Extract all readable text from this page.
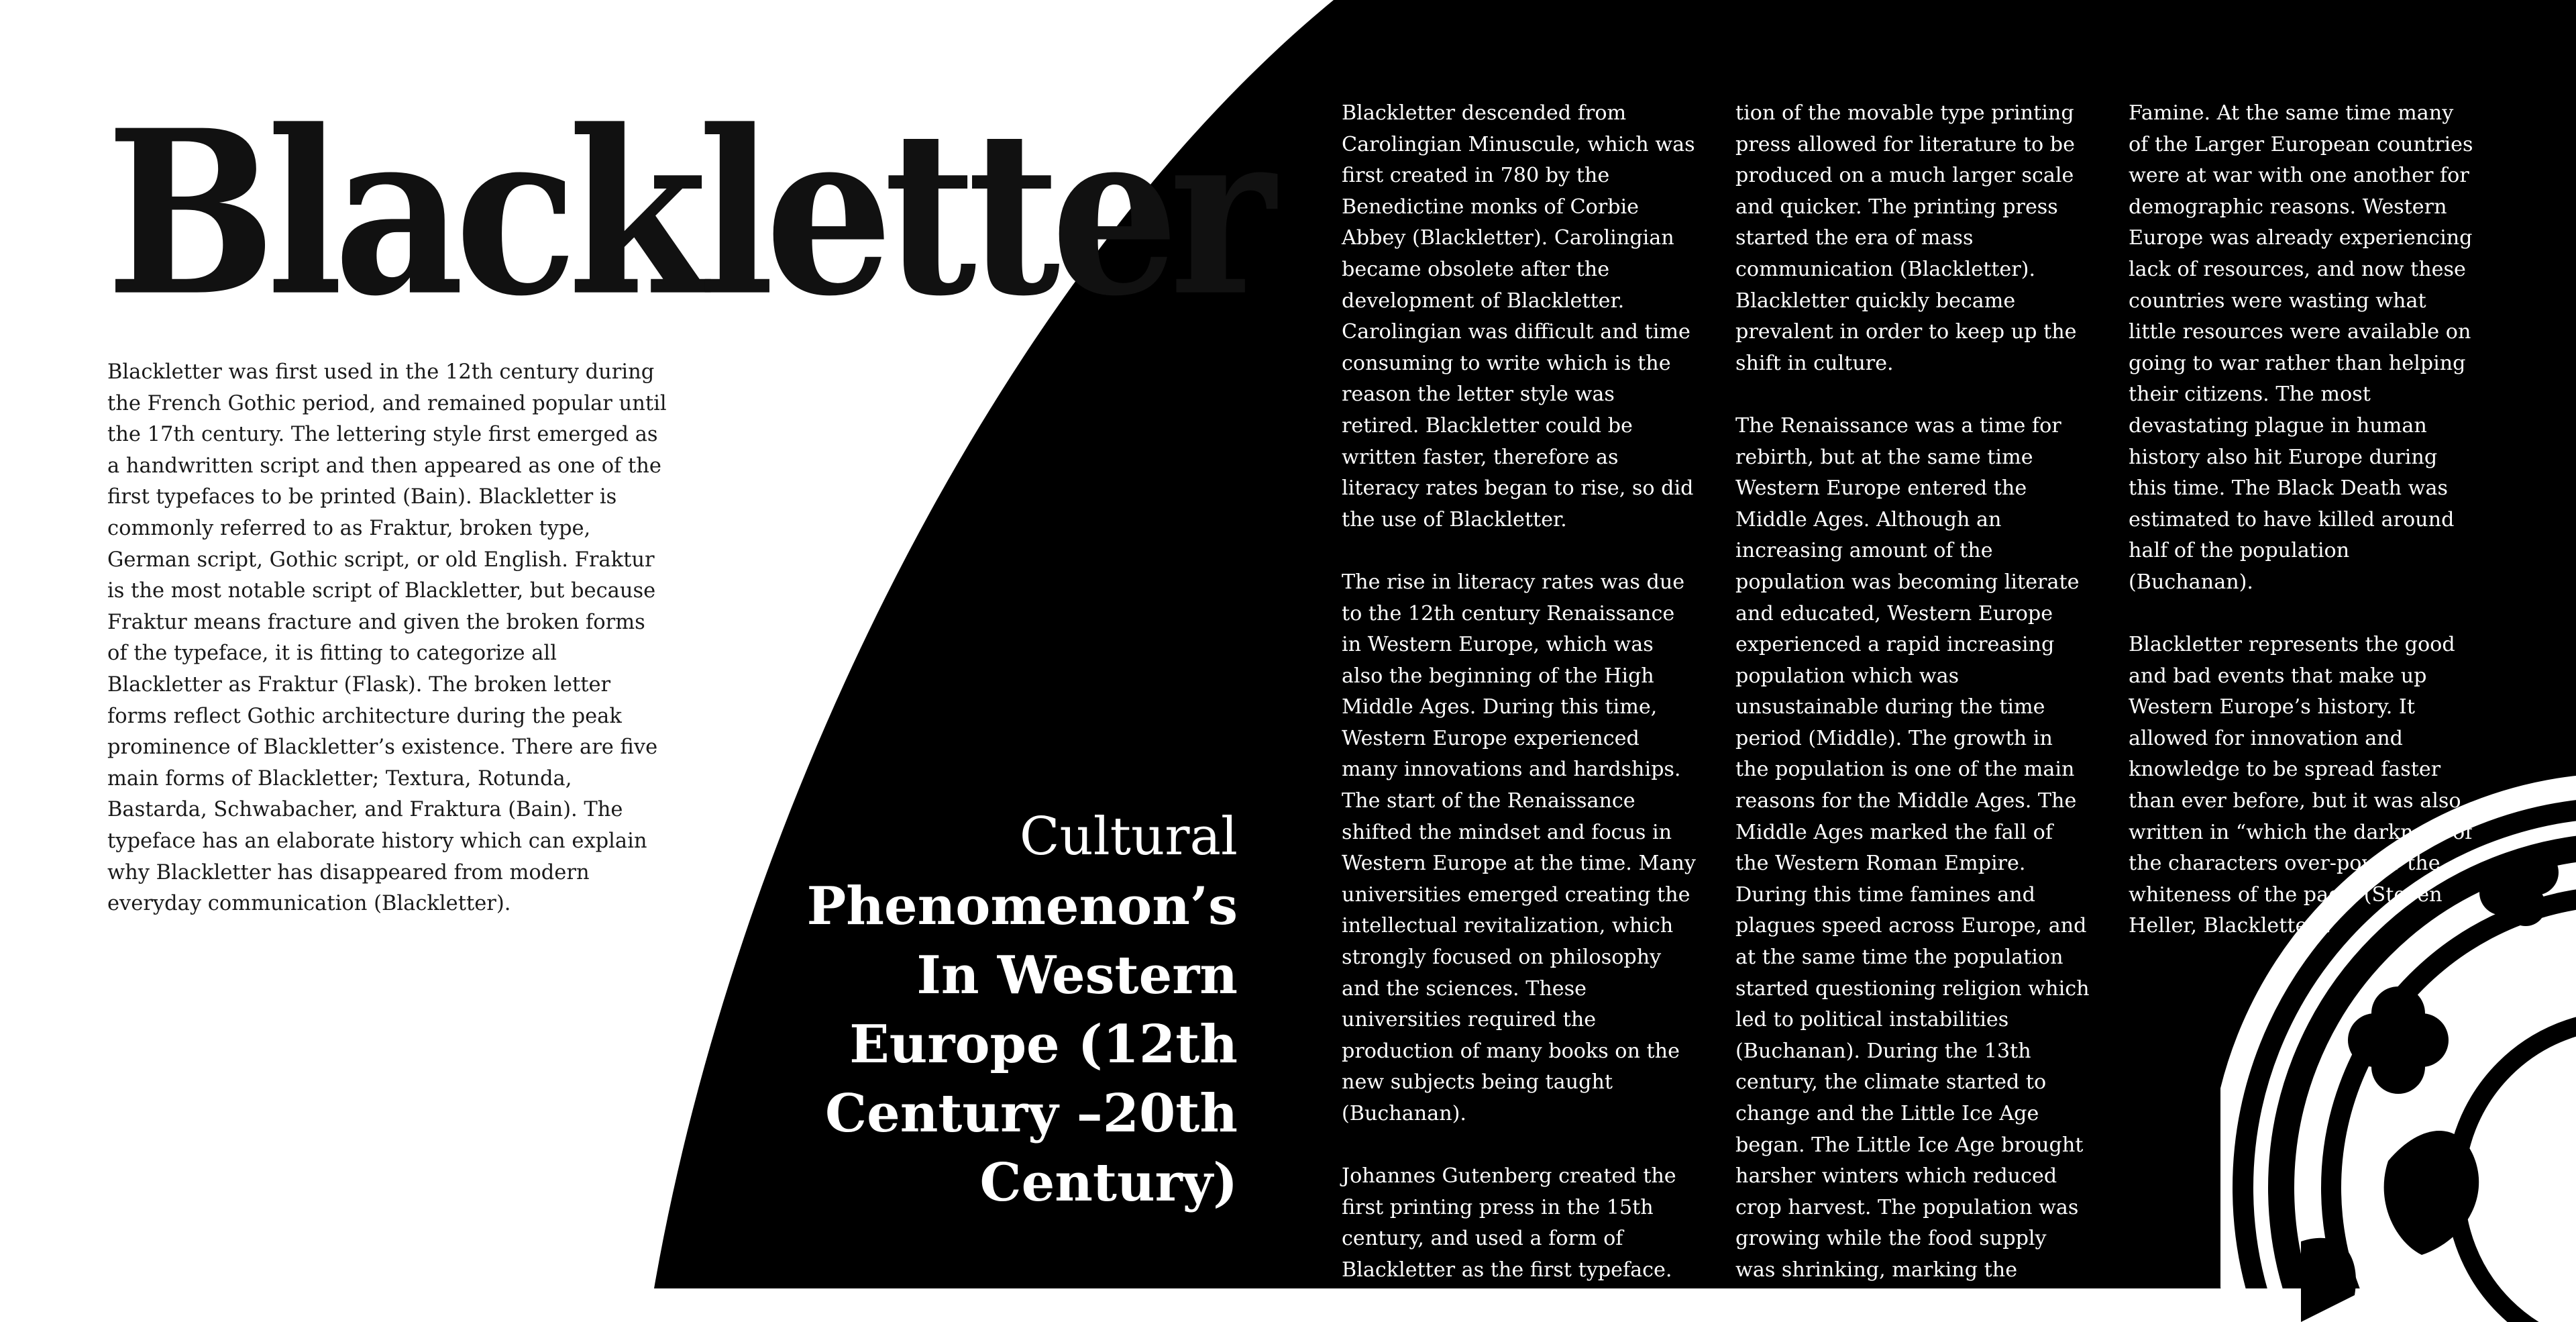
Blackletter

Blackletter was first used in the 12th century during the French Gothic period, and remained popular until the 17th century. The lettering style first emerged as a handwritten script and then appeared as one of the first typefaces to be printed (Bain). Blackletter is commonly referred to as Fraktur, broken type, German script, Gothic script, or old English. Fraktur is the most notable script of Blackletter, but because Fraktur means fracture and given the broken forms of the typeface, it is fitting to categorize all Blackletter as Fraktur (Flask). The broken letter forms reflect Gothic architecture during the peak prominence of Blackletter’s existence. There are five main forms of Blackletter; Textura, Rotunda, Bastarda, Schwabacher, and Fraktura (Bain). The typeface has an elaborate history which can explain why Blackletter has disappeared from modern everyday communication (Blackletter).

Cultural
Phenomenon’s In Western Europe (12th Century –20th Century)

Blackletter descended from Carolingian Minuscule, which was first created in 780 by the Benedictine monks of Corbie Abbey (Blackletter). Carolingian became obsolete after the development of Blackletter. Carolingian was difficult and time consuming to write which is the reason the letter style was retired. Blackletter could be written faster, therefore as literacy rates began to rise, so did the use of Blackletter.

The rise in literacy rates was due to the 12th century Renaissance in Western Europe, which was also the beginning of the High Middle Ages. During this time, Western Europe experienced many innovations and hardships. The start of the Renaissance shifted the mindset and focus in Western Europe at the time. Many universities emerged creating the intellectual revitalization, which strongly focused on philosophy and the sciences. These universities required the production of many books on the new subjects being taught (Buchanan).

Johannes Gutenberg created the first printing press in the 15th century, and used a form of Blackletter as the first typeface. The inven-

tion of the movable type printing press allowed for literature to be produced on a much larger scale and quicker. The printing press started the era of mass communication (Blackletter). Blackletter quickly became prevalent in order to keep up the shift in culture.

The Renaissance was a time for rebirth, but at the same time Western Europe entered the Middle Ages. Although an increasing amount of the population was becoming literate and educated, Western Europe experienced a rapid increasing population which was unsustainable during the time period (Middle). The growth in the population is one of the main reasons for the Middle Ages. The Middle Ages marked the fall of the Western Roman Empire. During this time famines and plagues speed across Europe, and at the same time the population started questioning religion which led to political instabilities (Buchanan). During the 13th century, the climate started to change and the Little Ice Age began. The Little Ice Age brought harsher winters which reduced crop harvest. The population was growing while the food supply was shrinking, marking the beginning of the Great

Famine. At the same time many of the Larger European countries were at war with one another for demographic reasons. Western Europe was already experiencing lack of resources, and now these countries were wasting what little resources were available on going to war rather than helping their citizens. The most devastating plague in human history also hit Europe during this time. The Black Death was estimated to have killed around half of the population (Buchanan).

Blackletter represents the good and bad events that make up Western Europe’s history. It allowed for innovation and knowledge to be spread faster than ever before, but it was also written in “which the darkness of the characters over-power the whiteness of the page”(Steven Heller, Blackletter).
